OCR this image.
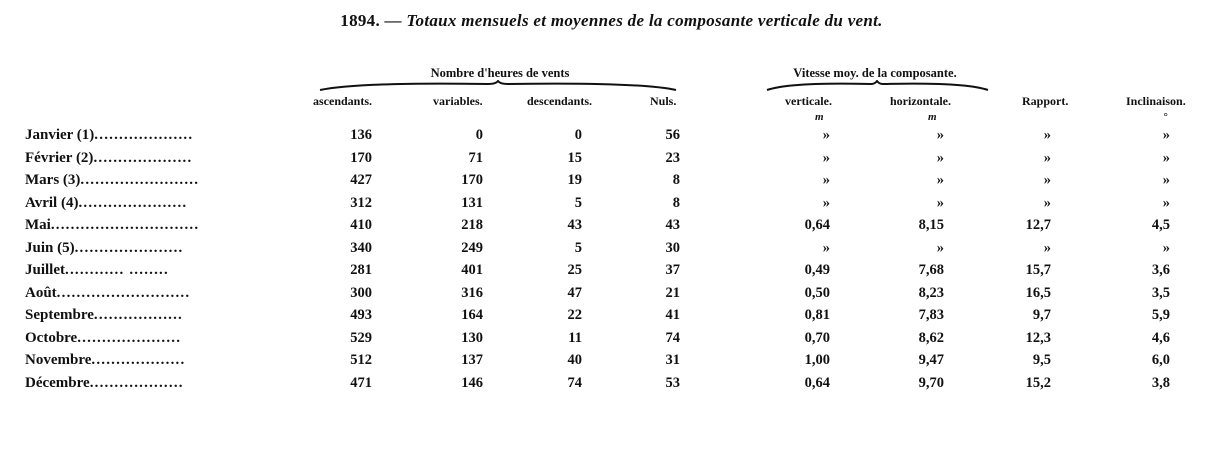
1894. — Totaux mensuels et moyennes de la composante verticale du vent.
Nombre d'heures de vents	Vitesse moy. de la composante.
ascendants.	variables.	descendants.	Nuls.	verticale.	horizontale.	Rapport.	Inclinaison.
m	m	°
Janvier (1)....................	136	0	0	56	»	»	»	»
Février (2)....................	170	71	15	23	»	»	»	»
Mars (3)........................	427	170	19	8	»	»	»	»
Avril (4)......................	312	131	5	8	»	»	»	»
Mai..............................	410	218	43	43	0,64	8,15	12,7	4,5
Juin (5)......................	340	249	5	30	»	»	»	»
Juillet............ ........	281	401	25	37	0,49	7,68	15,7	3,6
Août...........................	300	316	47	21	0,50	8,23	16,5	3,5
Septembre..................	493	164	22	41	0,81	7,83	9,7	5,9
Octobre.....................	529	130	11	74	0,70	8,62	12,3	4,6
Novembre...................	512	137	40	31	1,00	9,47	9,5	6,0
Décembre...................	471	146	74	53	0,64	9,70	15,2	3,8
